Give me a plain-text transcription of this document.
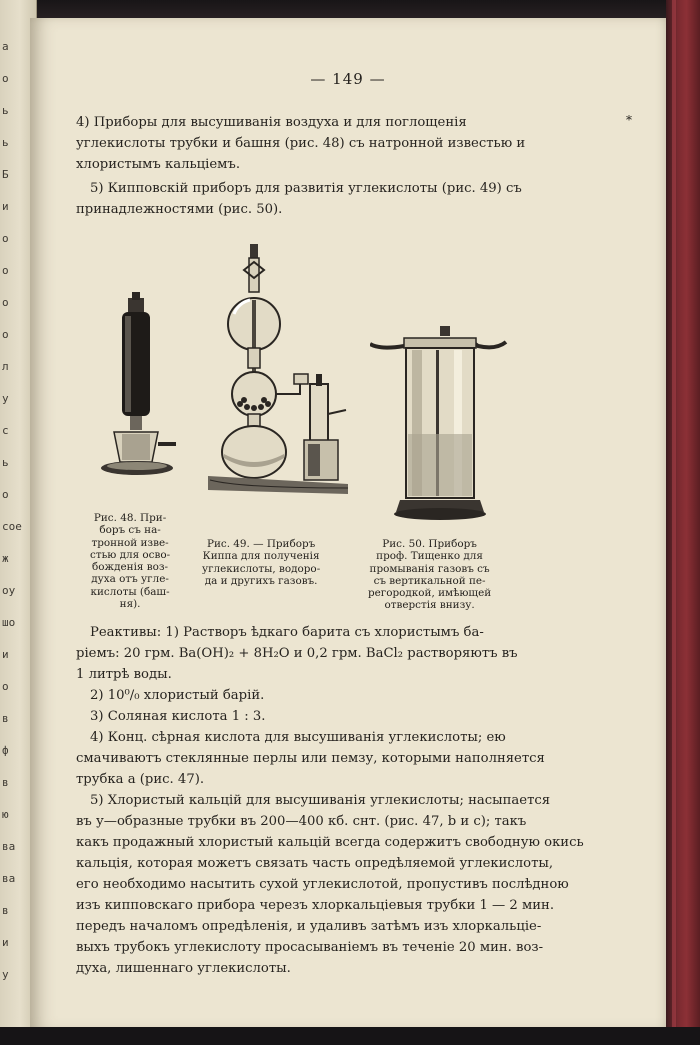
а
о
ь
ь
Б
и
о
о
о
о
л
у
с
ь
о
сое
ж
оу
шо
и
о
в
ф
в
ю
ва
ва
в
и
у
— 149 —
*
4) Приборы для высушиванія воздуха и для поглощенія
углекислоты трубки и башня (рис. 48) съ натронной известью и
хлористымъ кальціемъ.
5) Кипповскій приборъ для развитія углекислоты (рис. 49) съ
принадлежностями (рис. 50).
Рис. 48. При-
боръ съ на-
тронной изве-
стью для осво-
божденія воз-
духа отъ угле-
кислоты (баш-
ня).
Рис. 49. — Приборъ
Киппа для полученія
углекислоты, водоро-
да и другихъ газовъ.
Рис. 50. Приборъ
проф. Тищенко для
промыванія газовъ съ
съ вертикальной пе-
регородкой, имѣющей
отверстія внизу.
Реактивы: 1) Растворъ ѣдкаго барита съ хлористымъ ба-
ріемъ: 20 грм. Ba(OH)₂ + 8H₂O и 0,2 грм. BaCl₂ растворяютъ въ
1 литрѣ воды.
2) 10⁰/₀ хлористый барій.
3) Соляная кислота 1 : 3.
4) Конц. сѣрная кислота для высушиванія углекислоты; ею
смачиваютъ стеклянные перлы или пемзу, которыми наполняется
трубка а (рис. 47).
5) Хлористый кальцій для высушиванія углекислоты; насыпается
въ у—образные трубки въ 200—400 кб. снт. (рис. 47, b и c); такъ
какъ продажный хлористый кальцій всегда содержитъ свободную окись
кальція, которая можетъ связать часть опредѣляемой углекислоты,
его необходимо насытить сухой углекислотой, пропустивъ послѣдною
изъ кипповскаго прибора черезъ хлоркальціевыя трубки 1 — 2 мин.
передъ началомъ опредѣленія, и удаливъ затѣмъ изъ хлоркальціе-
выхъ трубокъ углекислоту просасываніемъ въ теченіе 20 мин. воз-
духа, лишеннаго углекислоты.
